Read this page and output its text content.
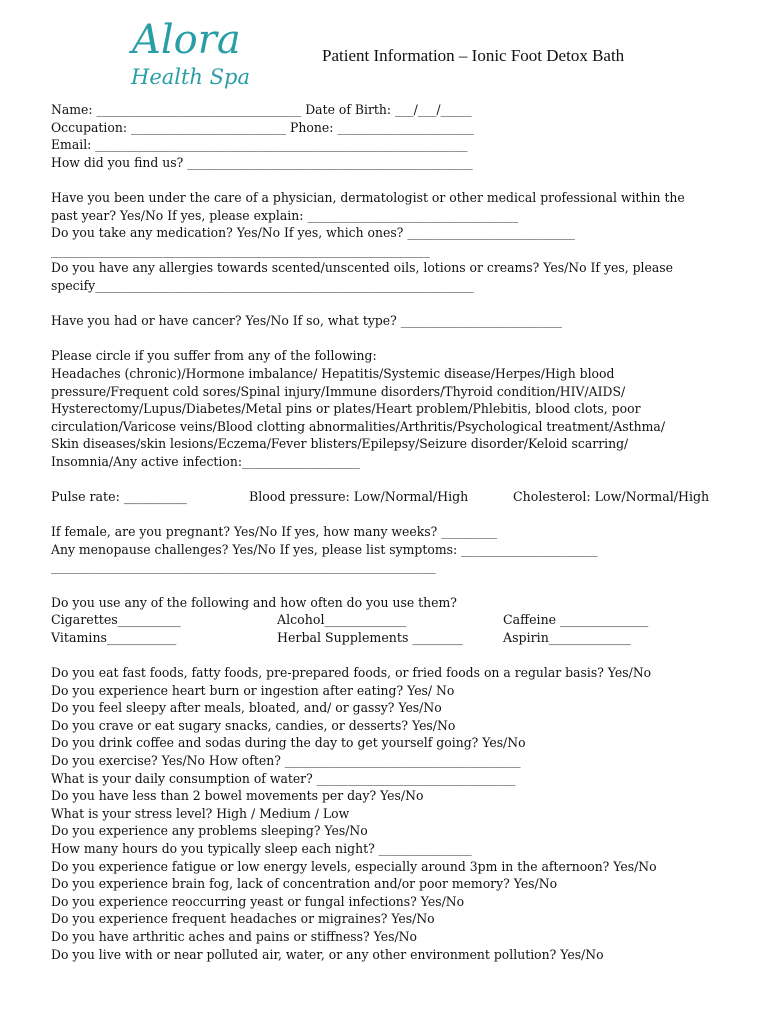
Alora
Health Spa
Patient Information – Ionic Foot Detox Bath
Name: _________________________________ Date of Birth: ___/___/_____
Occupation: _________________________ Phone: ______________________
Email: ____________________________________________________________
How did you find us? ______________________________________________
Have you been under the care of a physician, dermatologist or other medical professional within the
past year? Yes/No If yes, please explain: __________________________________
Do you take any medication? Yes/No If yes, which ones? ___________________________
_____________________________________________________________
Do you have any allergies towards scented/unscented oils, lotions or creams? Yes/No If yes, please
specify_____________________________________________________________
Have you had or have cancer? Yes/No If so, what type? __________________________
Please circle if you suffer from any of the following:
Headaches (chronic)/Hormone imbalance/ Hepatitis/Systemic disease/Herpes/High blood
pressure/Frequent cold sores/Spinal injury/Immune disorders/Thyroid condition/HIV/AIDS/
Hysterectomy/Lupus/Diabetes/Metal pins or plates/Heart problem/Phlebitis, blood clots, poor
circulation/Varicose veins/Blood clotting abnormalities/Arthritis/Psychological treatment/Asthma/
Skin diseases/skin lesions/Eczema/Fever blisters/Epilepsy/Seizure disorder/Keloid scarring/
Insomnia/Any active infection:___________________
Pulse rate: __________	Blood pressure: Low/Normal/High	Cholesterol: Low/Normal/High
If female, are you pregnant? Yes/No If yes, how many weeks? _________
Any menopause challenges? Yes/No If yes, please list symptoms: ______________________
______________________________________________________________
Do you use any of the following and how often do you use them?
Cigarettes__________	Alcohol_____________	Caffeine ______________
Vitamins___________	Herbal Supplements ________	Aspirin_____________
Do you eat fast foods, fatty foods, pre-prepared foods, or fried foods on a regular basis? Yes/No
Do you experience heart burn or ingestion after eating? Yes/ No
Do you feel sleepy after meals, bloated, and/ or gassy? Yes/No
Do you crave or eat sugary snacks, candies, or desserts? Yes/No
Do you drink coffee and sodas during the day to get yourself going? Yes/No
Do you exercise? Yes/No How often? ______________________________________
What is your daily consumption of water? ________________________________
Do you have less than 2 bowel movements per day? Yes/No
What is your stress level? High / Medium / Low
Do you experience any problems sleeping? Yes/No
How many hours do you typically sleep each night? _______________
Do you experience fatigue or low energy levels, especially around 3pm in the afternoon? Yes/No
Do you experience brain fog, lack of concentration and/or poor memory? Yes/No
Do you experience reoccurring yeast or fungal infections? Yes/No
Do you experience frequent headaches or migraines? Yes/No
Do you have arthritic aches and pains or stiffness? Yes/No
Do you live with or near polluted air, water, or any other environment pollution? Yes/No
